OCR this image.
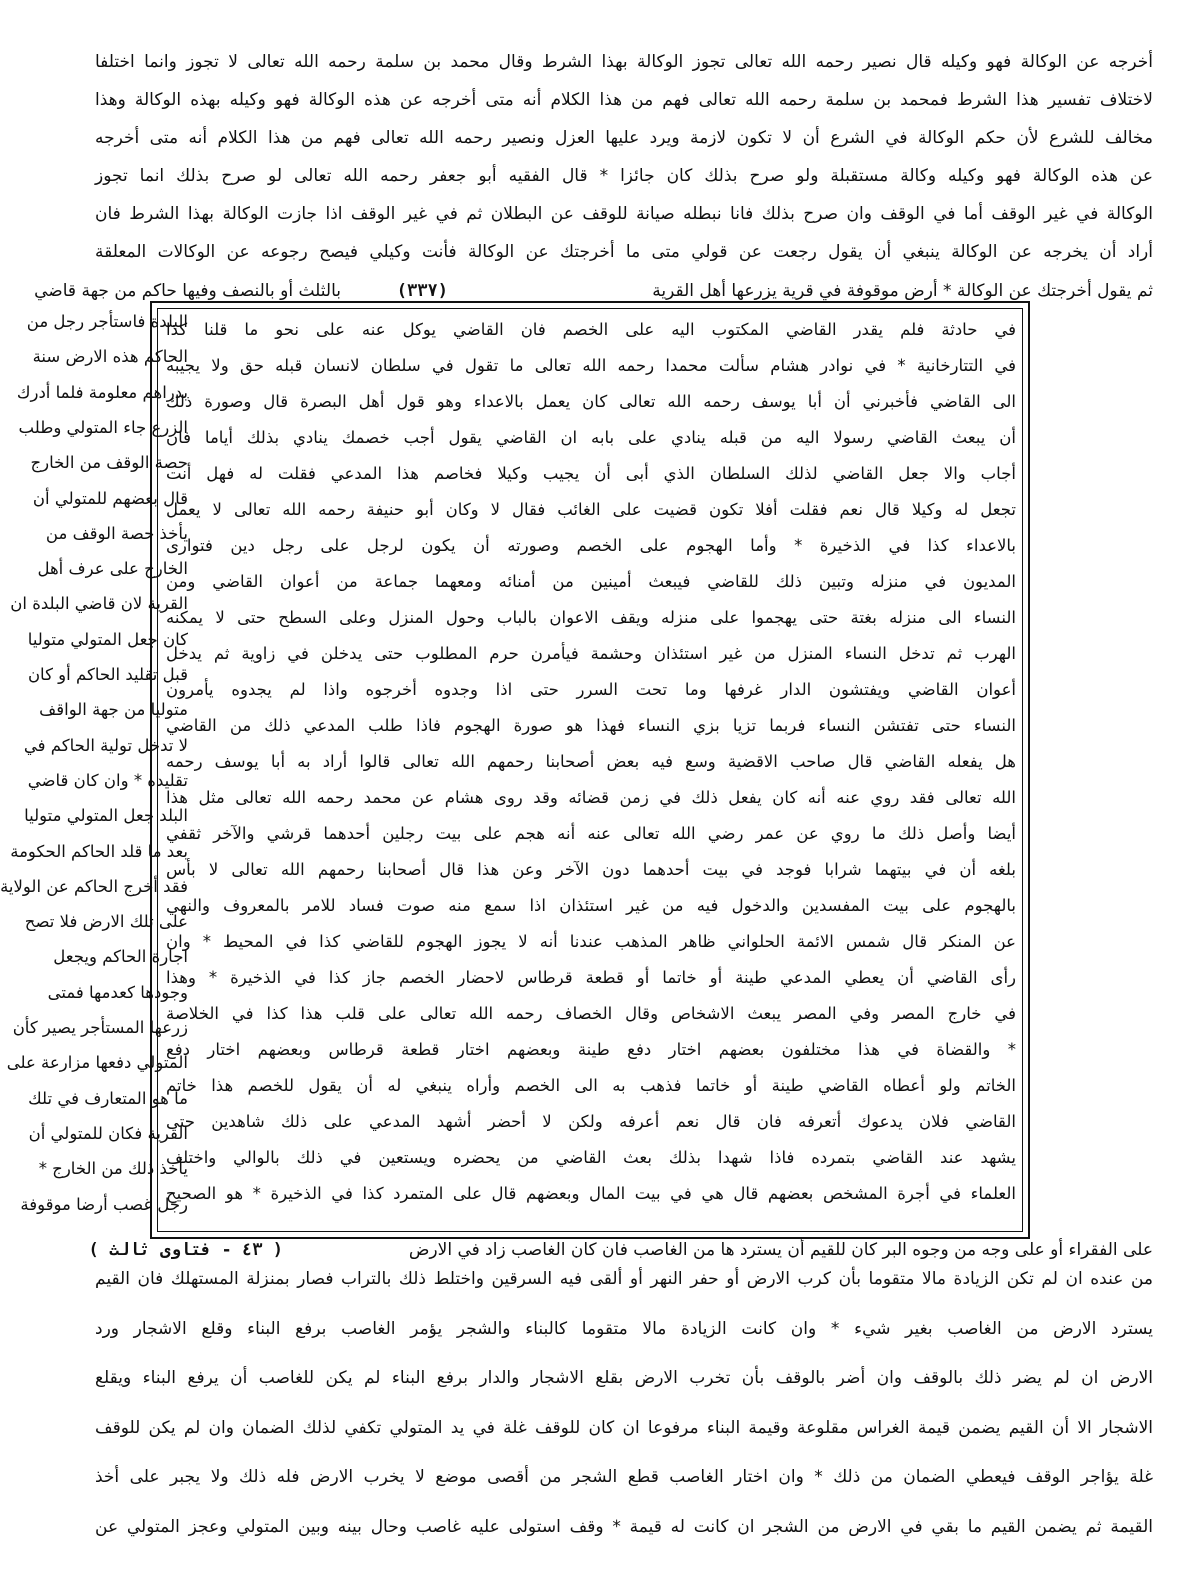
أخرجه عن الوكالة فهو وكيله قال نصير رحمه الله تعالى تجوز الوكالة بهذا الشرط وقال محمد بن سلمة رحمه الله تعالى لا تجوز وانما اختلفا
لاختلاف تفسير هذا الشرط فمحمد بن سلمة رحمه الله تعالى فهم من هذا الكلام أنه متى أخرجه عن هذه الوكالة فهو وكيله بهذه الوكالة وهذا
مخالف للشرع لأن حكم الوكالة في الشرع أن لا تكون لازمة ويرد عليها العزل ونصير رحمه الله تعالى فهم من هذا الكلام أنه متى أخرجه
عن هذه الوكالة فهو وكيله وكالة مستقبلة ولو صرح بذلك كان جائزا * قال الفقيه أبو جعفر رحمه الله تعالى لو صرح بذلك انما تجوز
الوكالة في غير الوقف أما في الوقف وان صرح بذلك فانا نبطله صيانة للوقف عن البطلان ثم في غير الوقف اذا جازت الوكالة بهذا الشرط فان
أراد أن يخرجه عن الوكالة ينبغي أن يقول رجعت عن قولي متى ما أخرجتك عن الوكالة فأنت وكيلي فيصح رجوعه عن الوكالات المعلقة
ثم يقول أخرجتك عن الوكالة * أرض موقوفة في قرية يزرعها أهل القرية
(٣٣٧)
بالثلث أو بالنصف وفيها حاكم من جهة قاضي
في حادثة فلم يقدر القاضي المكتوب اليه على الخصم فان القاضي يوكل عنه على نحو ما قلنا كذا
في التتارخانية * في نوادر هشام سألت محمدا رحمه الله تعالى ما تقول في سلطان لانسان قبله حق ولا يجيبه
الى القاضي فأخبرني أن أبا يوسف رحمه الله تعالى كان يعمل بالاعداء وهو قول أهل البصرة قال وصورة ذلك
أن يبعث القاضي رسولا اليه من قبله ينادي على بابه ان القاضي يقول أجب خصمك ينادي بذلك أياما فان
أجاب والا جعل القاضي لذلك السلطان الذي أبى أن يجيب وكيلا فخاصم هذا المدعي فقلت له فهل أنت
تجعل له وكيلا قال نعم فقلت أفلا تكون قضيت على الغائب فقال لا وكان أبو حنيفة رحمه الله تعالى لا يعمل
بالاعداء كذا في الذخيرة * وأما الهجوم على الخصم وصورته أن يكون لرجل على رجل دين فتوارى
المديون في منزله وتبين ذلك للقاضي فيبعث أمينين من أمنائه ومعهما جماعة من أعوان القاضي ومن
النساء الى منزله بغتة حتى يهجموا على منزله ويقف الاعوان بالباب وحول المنزل وعلى السطح حتى لا يمكنه
الهرب ثم تدخل النساء المنزل من غير استئذان وحشمة فيأمرن حرم المطلوب حتى يدخلن في زاوية ثم يدخل
أعوان القاضي ويفتشون الدار غرفها وما تحت السرر حتى اذا وجدوه أخرجوه واذا لم يجدوه يأمرون
النساء حتى تفتشن النساء فربما تزيا بزي النساء فهذا هو صورة الهجوم فاذا طلب المدعي ذلك من القاضي
هل يفعله القاضي قال صاحب الاقضية وسع فيه بعض أصحابنا رحمهم الله تعالى قالوا أراد به أبا يوسف رحمه
الله تعالى فقد روي عنه أنه كان يفعل ذلك في زمن قضائه وقد روى هشام عن محمد رحمه الله تعالى مثل هذا
أيضا وأصل ذلك ما روي عن عمر رضي الله تعالى عنه أنه هجم على بيت رجلين أحدهما قرشي والآخر ثقفي
بلغه أن في بيتهما شرابا فوجد في بيت أحدهما دون الآخر وعن هذا قال أصحابنا رحمهم الله تعالى لا بأس
بالهجوم على بيت المفسدين والدخول فيه من غير استئذان اذا سمع منه صوت فساد للامر بالمعروف والنهي
عن المنكر قال شمس الائمة الحلواني ظاهر المذهب عندنا أنه لا يجوز الهجوم للقاضي كذا في المحيط * وان
رأى القاضي أن يعطي المدعي طينة أو خاتما أو قطعة قرطاس لاحضار الخصم جاز كذا في الذخيرة * وهذا
في خارج المصر وفي المصر يبعث الاشخاص وقال الخصاف رحمه الله تعالى على قلب هذا كذا في الخلاصة
* والقضاة في هذا مختلفون بعضهم اختار دفع طينة وبعضهم اختار قطعة قرطاس وبعضهم اختار دفع
الخاتم ولو أعطاه القاضي طينة أو خاتما فذهب به الى الخصم وأراه ينبغي له أن يقول للخصم هذا خاتم
القاضي فلان يدعوك أتعرفه فان قال نعم أعرفه ولكن لا أحضر أشهد المدعي على ذلك شاهدين حتى
يشهد عند القاضي بتمرده فاذا شهدا بذلك بعث القاضي من يحضره ويستعين في ذلك بالوالي واختلف
العلماء في أجرة المشخص بعضهم قال هي في بيت المال وبعضهم قال على المتمرد كذا في الذخيرة * هو الصحيح
البلدة فاستأجر رجل من
الحاكم هذه الارض سنة
بدراهم معلومة فلما أدرك
الزرع جاء المتولي وطلب
حصة الوقف من الخارج
قال بعضهم للمتولي أن
يأخذ حصة الوقف من
الخارج على عرف أهل
القرية لان قاضي البلدة ان
كان جعل المتولي متوليا
قبل تقليد الحاكم أو كان
متوليا من جهة الواقف
لا تدخل تولية الحاكم في
تقليده * وان كان قاضي
البلد جعل المتولي متوليا
بعد ما قلد الحاكم الحكومة
فقد أخرج الحاكم عن الولاية
على تلك الارض فلا تصح
اجارة الحاكم ويجعل
وجودها كعدمها فمتى
زرعها المستأجر يصير كأن
المتولي دفعها مزارعة على
ما هو المتعارف في تلك
القرية فكان للمتولي أن
يأخذ ذلك من الخارج *
رجل غصب أرضا موقوفة
( ٤٣ - فتاوى ثالث )	على الفقراء أو على وجه من وجوه البر كان للقيم أن يسترد ها من الغاصب فان كان الغاصب زاد في الارض
من عنده ان لم تكن الزيادة مالا متقوما بأن كرب الارض أو حفر النهر أو ألقى فيه السرقين واختلط ذلك بالتراب فصار بمنزلة المستهلك فان القيم
يسترد الارض من الغاصب بغير شيء * وان كانت الزيادة مالا متقوما كالبناء والشجر يؤمر الغاصب برفع البناء وقلع الاشجار ورد
الارض ان لم يضر ذلك بالوقف وان أضر بالوقف بأن تخرب الارض بقلع الاشجار والدار برفع البناء لم يكن للغاصب أن يرفع البناء ويقلع
الاشجار الا أن القيم يضمن قيمة الغراس مقلوعة وقيمة البناء مرفوعا ان كان للوقف غلة في يد المتولي تكفي لذلك الضمان وان لم يكن للوقف
غلة يؤاجر الوقف فيعطي الضمان من ذلك * وان اختار الغاصب قطع الشجر من أقصى موضع لا يخرب الارض فله ذلك ولا يجبر على أخذ
القيمة ثم يضمن القيم ما بقي في الارض من الشجر ان كانت له قيمة * وقف استولى عليه غاصب وحال بينه وبين المتولي وعجز المتولي عن
